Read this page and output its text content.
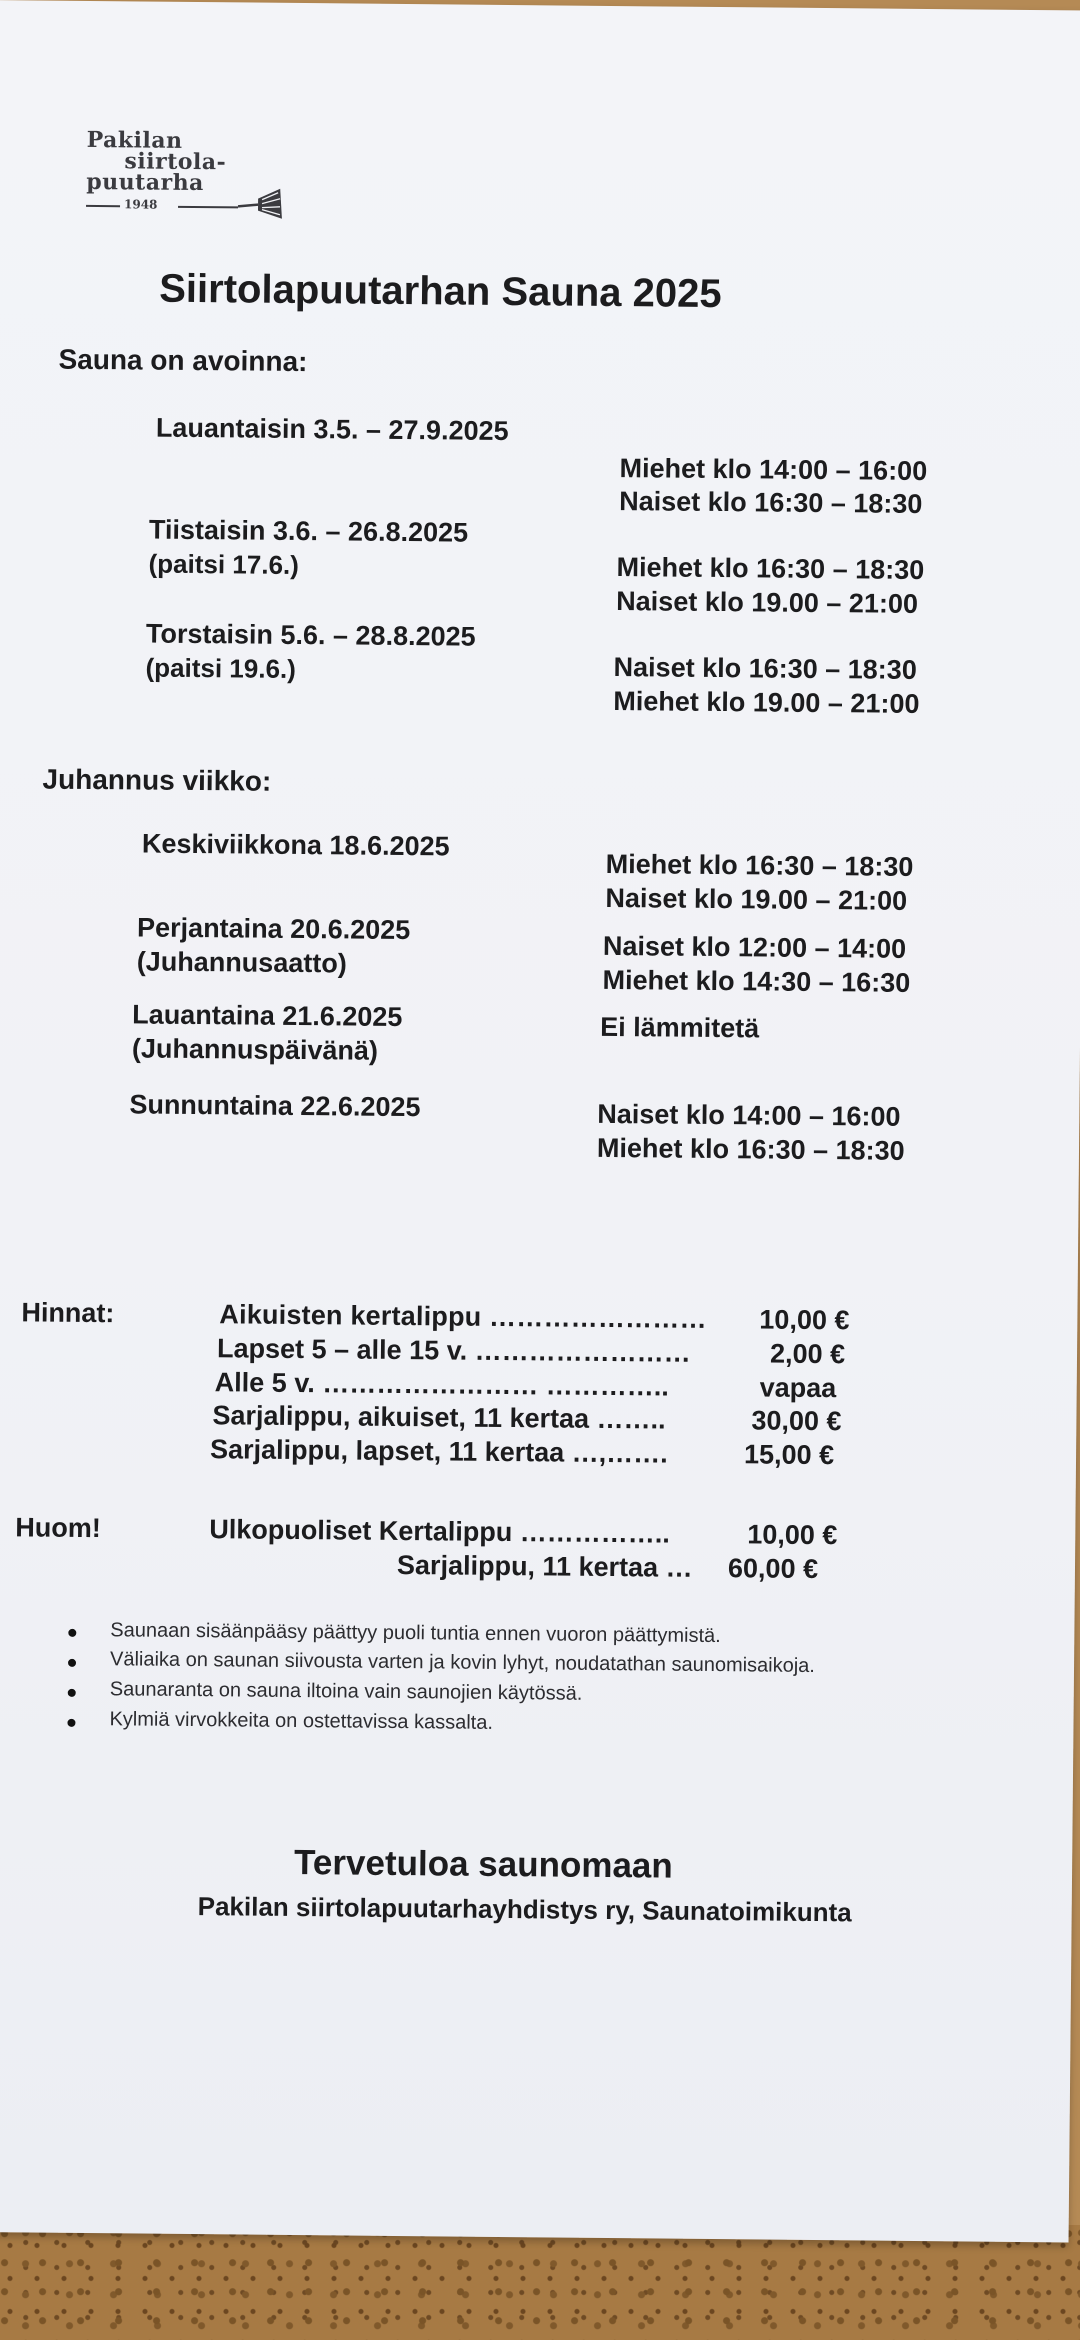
Pakilan
siirtola-
puutarha
1948
Siirtolapuutarhan Sauna 2025
Sauna on avoinna:
Lauantaisin 3.5. – 27.9.2025
Miehet klo 14:00 – 16:00
Naiset klo 16:30 – 18:30
Tiistaisin 3.6. – 26.8.2025
(paitsi 17.6.)	Miehet klo 16:30 – 18:30
Naiset klo 19.00 – 21:00
Torstaisin 5.6. – 28.8.2025
(paitsi 19.6.)	Naiset klo 16:30 – 18:30
Miehet klo 19.00 – 21:00
Juhannus viikko:
Keskiviikkona 18.6.2025
Miehet klo 16:30 – 18:30
Naiset klo 19.00 – 21:00
Perjantaina 20.6.2025
(Juhannusaatto)	Naiset klo 12:00 – 14:00
Miehet klo 14:30 – 16:30
Lauantaina 21.6.2025
(Juhannuspäivänä)
Ei lämmitetä
Sunnuntaina 22.6.2025	Naiset klo 14:00 – 16:00
Miehet klo 16:30 – 18:30
Hinnat:	Aikuisten kertalippu …………………… 10,00 €
Lapset 5 – alle 15 v. ……………………	2,00 €
Alle 5 v. …………………… …………..	vapaa
Sarjalippu, aikuiset, 11 kertaa ……..	30,00 €
Sarjalippu, lapset, 11 kertaa …,…….	15,00 €
Huom!	Ulkopuoliset Kertalippu ……………..	10,00 €
Sarjalippu, 11 kertaa … 60,00 €
Saunaan sisäänpääsy päättyy puoli tuntia ennen vuoron päättymistä.
Väliaika on saunan siivousta varten ja kovin lyhyt, noudatathan saunomisaikoja.
Saunaranta on sauna iltoina vain saunojien käytössä.
Kylmiä virvokkeita on ostettavissa kassalta.
Tervetuloa saunomaan
Pakilan siirtolapuutarhayhdistys ry, Saunatoimikunta
